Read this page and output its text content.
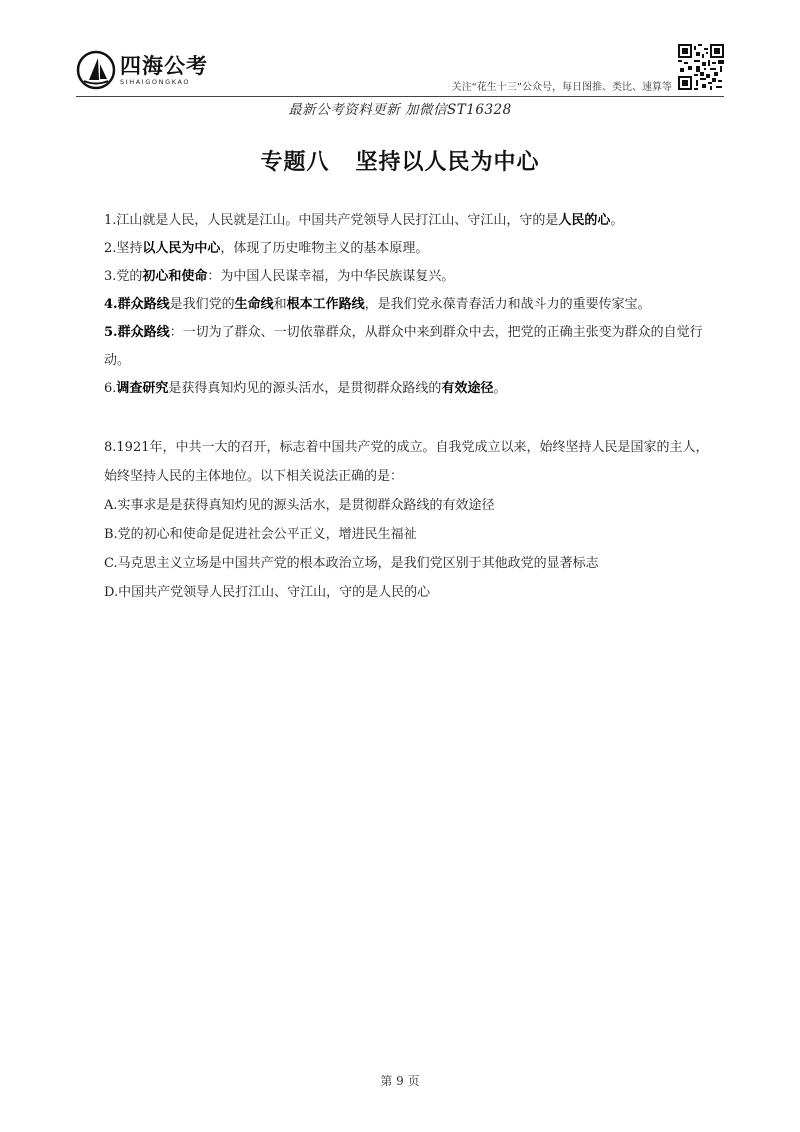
四海公考
SIHAIGONGKAO
关注“花生十三”公众号，每日图推、类比、速算等
最新公考资料更新 加微信ST16328
专题八   坚持以人民为中心

1.江山就是人民，人民就是江山。中国共产党领导人民打江山、守江山，守的是人民的心。

2.坚持以人民为中心，体现了历史唯物主义的基本原理。

3.党的初心和使命：为中国人民谋幸福，为中华民族谋复兴。

4.群众路线是我们党的生命线和根本工作路线，是我们党永葆青春活力和战斗力的重要传家宝。

5.群众路线：一切为了群众、一切依靠群众，从群众中来到群众中去，把党的正确主张变为群众的自觉行动。

6.调查研究是获得真知灼见的源头活水，是贯彻群众路线的有效途径。

8.1921年，中共一大的召开，标志着中国共产党的成立。自我党成立以来，始终坚持人民是国家的主人，始终坚持人民的主体地位。以下相关说法正确的是：

A.实事求是是获得真知灼见的源头活水，是贯彻群众路线的有效途径

B.党的初心和使命是促进社会公平正义，增进民生福祉

C.马克思主义立场是中国共产党的根本政治立场，是我们党区别于其他政党的显著标志

D.中国共产党领导人民打江山、守江山，守的是人民的心

第 9 页
